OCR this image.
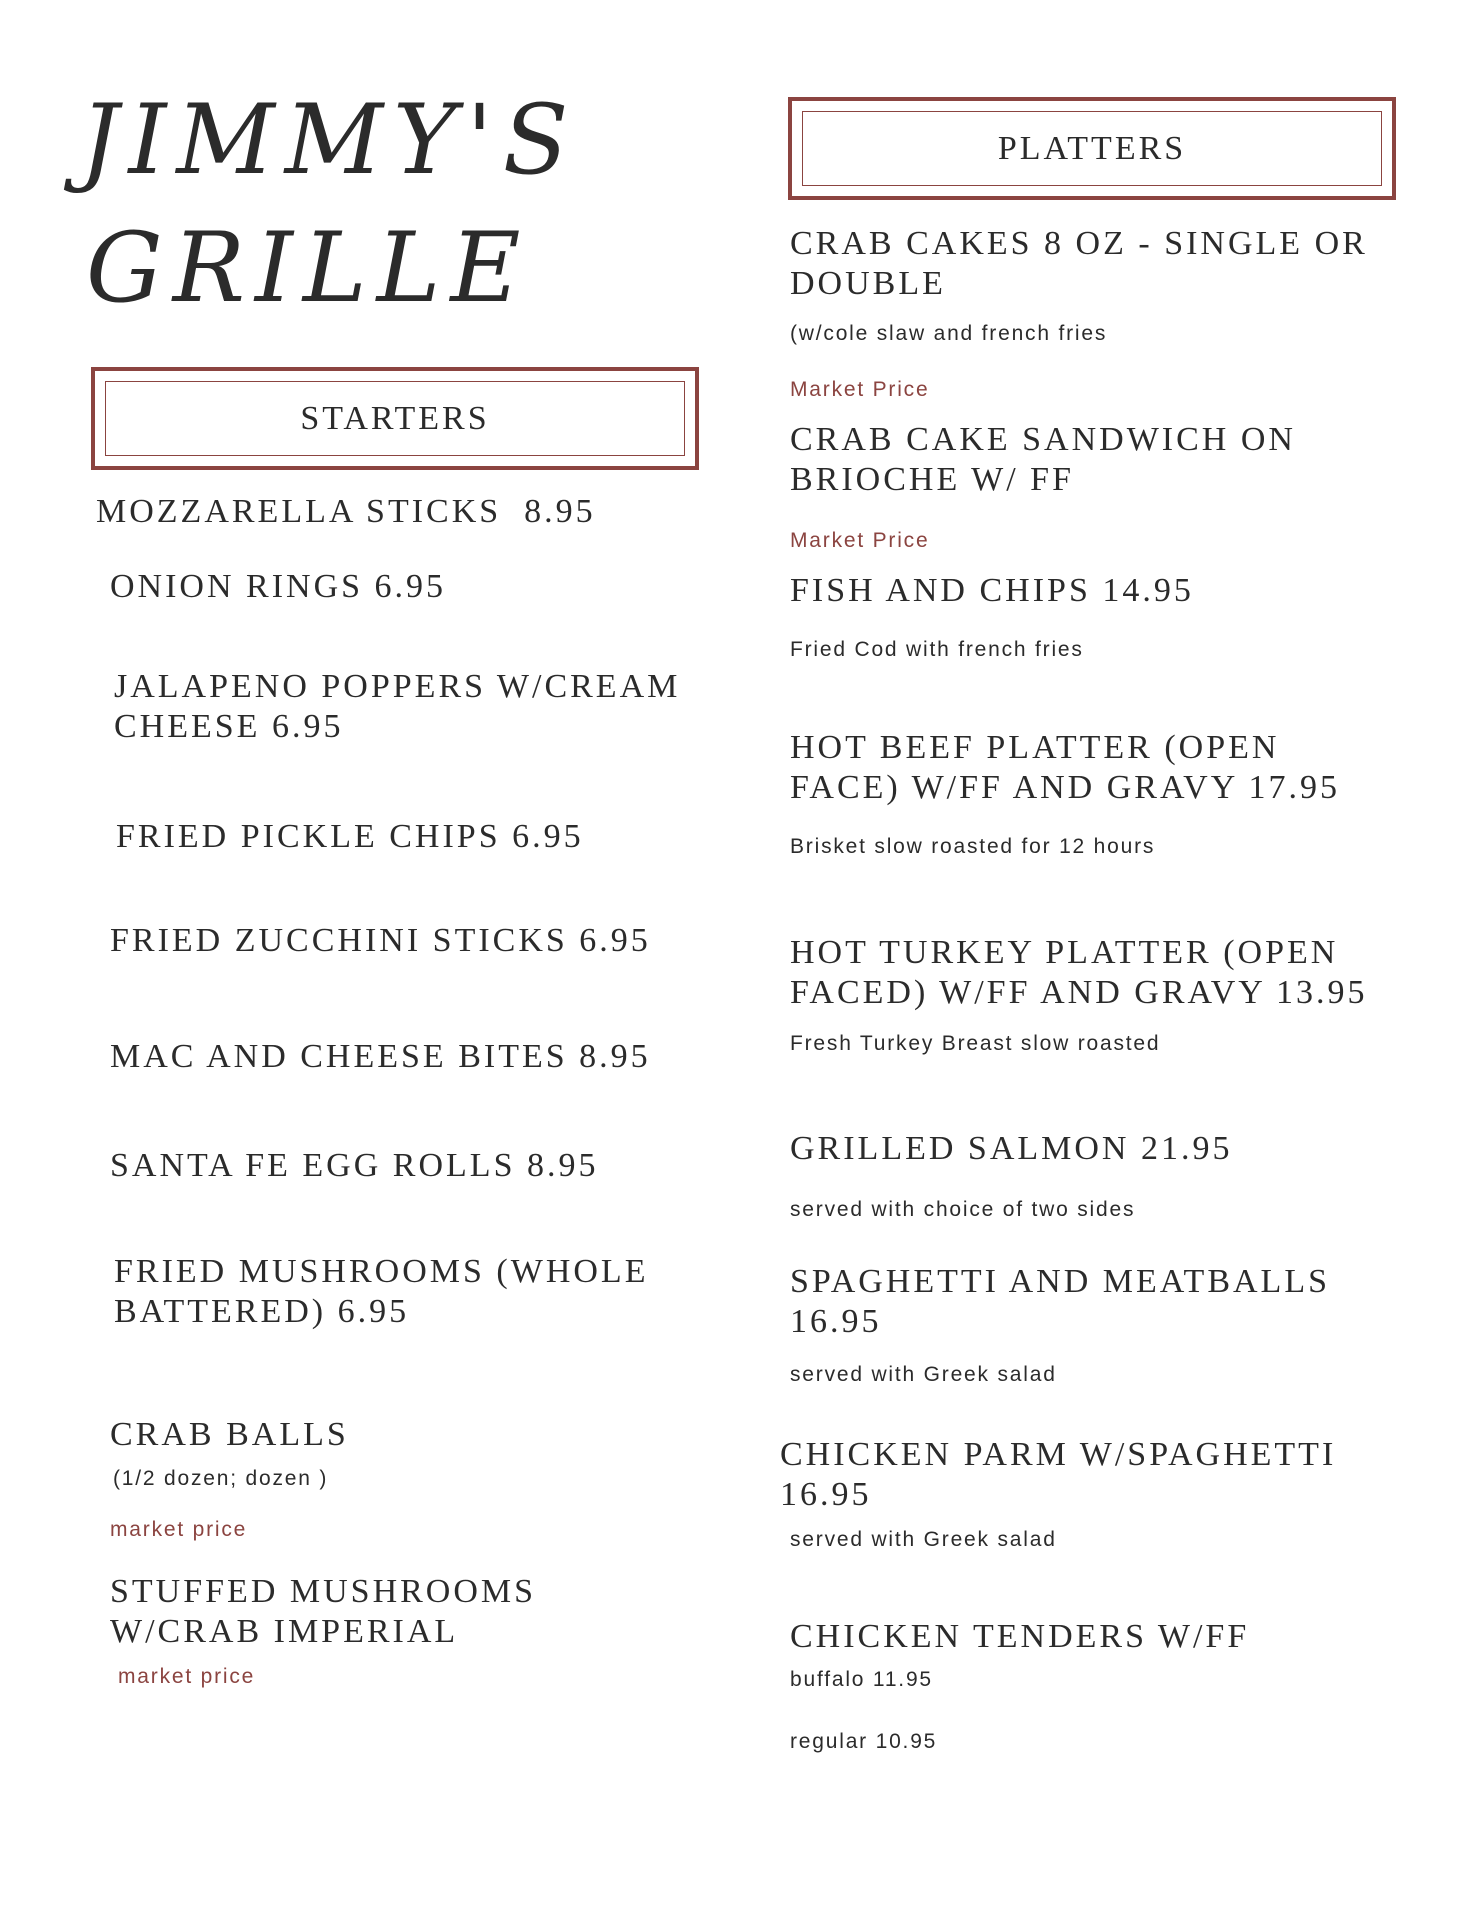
JIMMY'S
GRILLE
STARTERS
MOZZARELLA STICKS  8.95
ONION RINGS 6.95
JALAPENO POPPERS W/CREAM CHEESE 6.95
FRIED PICKLE CHIPS 6.95
FRIED ZUCCHINI STICKS 6.95
MAC AND CHEESE BITES 8.95
SANTA FE EGG ROLLS 8.95
FRIED MUSHROOMS (WHOLE BATTERED) 6.95
CRAB BALLS
(1/2 dozen; dozen )
market price
STUFFED MUSHROOMS W/CRAB IMPERIAL
market price
PLATTERS
CRAB CAKES 8 OZ - SINGLE OR DOUBLE
(w/cole slaw and french fries
Market Price
CRAB CAKE SANDWICH ON BRIOCHE W/ FF
Market Price
FISH AND CHIPS 14.95
Fried Cod with french fries
HOT BEEF PLATTER (OPEN FACE) W/FF AND GRAVY 17.95
Brisket slow roasted for 12 hours
HOT TURKEY PLATTER (OPEN FACED) W/FF AND GRAVY 13.95
Fresh Turkey Breast slow roasted
GRILLED SALMON 21.95
served with choice of two sides
SPAGHETTI AND MEATBALLS 16.95
served with Greek salad
CHICKEN PARM W/SPAGHETTI 16.95
served with Greek salad
CHICKEN TENDERS W/FF
buffalo 11.95
regular 10.95
